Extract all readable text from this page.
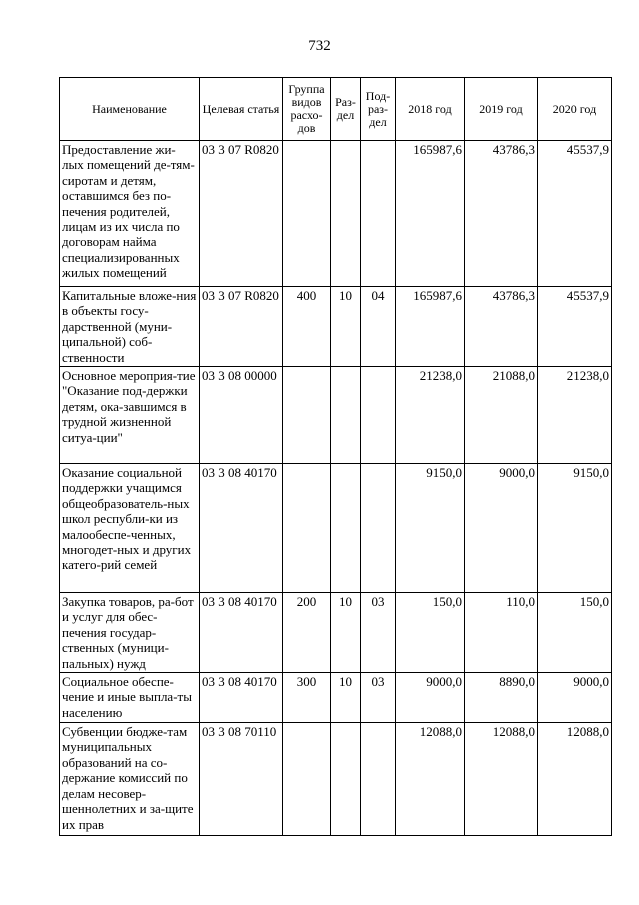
732
Наименование	Целевая статья	Группа видов расхо-дов	Раз-дел	Под-раз-дел	2018 год	2019 год	2020 год
Предоставление жи-лых помещений де-тям-сиротам и детям, оставшимся без по-печения родителей, лицам из их числа по договорам найма специализированных жилых помещений	03 3 07 R0820				165987,6	43786,3	45537,9
Капитальные вложе-ния в объекты госу-дарственной (муни-ципальной) соб-ственности	03 3 07 R0820	400	10	04	165987,6	43786,3	45537,9
Основное мероприя-тие "Оказание под-держки детям, ока-завшимся в трудной жизненной ситуа-ции"	03 3 08 00000				21238,0	21088,0	21238,0
Оказание социальной поддержки учащимся общеобразователь-ных школ республи-ки из малообеспе-ченных, многодет-ных и других катего-рий семей	03 3 08 40170				9150,0	9000,0	9150,0
Закупка товаров, ра-бот и услуг для обес-печения государ-ственных (муници-пальных) нужд	03 3 08 40170	200	10	03	150,0	110,0	150,0
Социальное обеспе-чение и иные выпла-ты населению	03 3 08 40170	300	10	03	9000,0	8890,0	9000,0
Субвенции бюдже-там муниципальных образований на со-держание комиссий по делам несовер-шеннолетних и за-щите их прав	03 3 08 70110				12088,0	12088,0	12088,0
